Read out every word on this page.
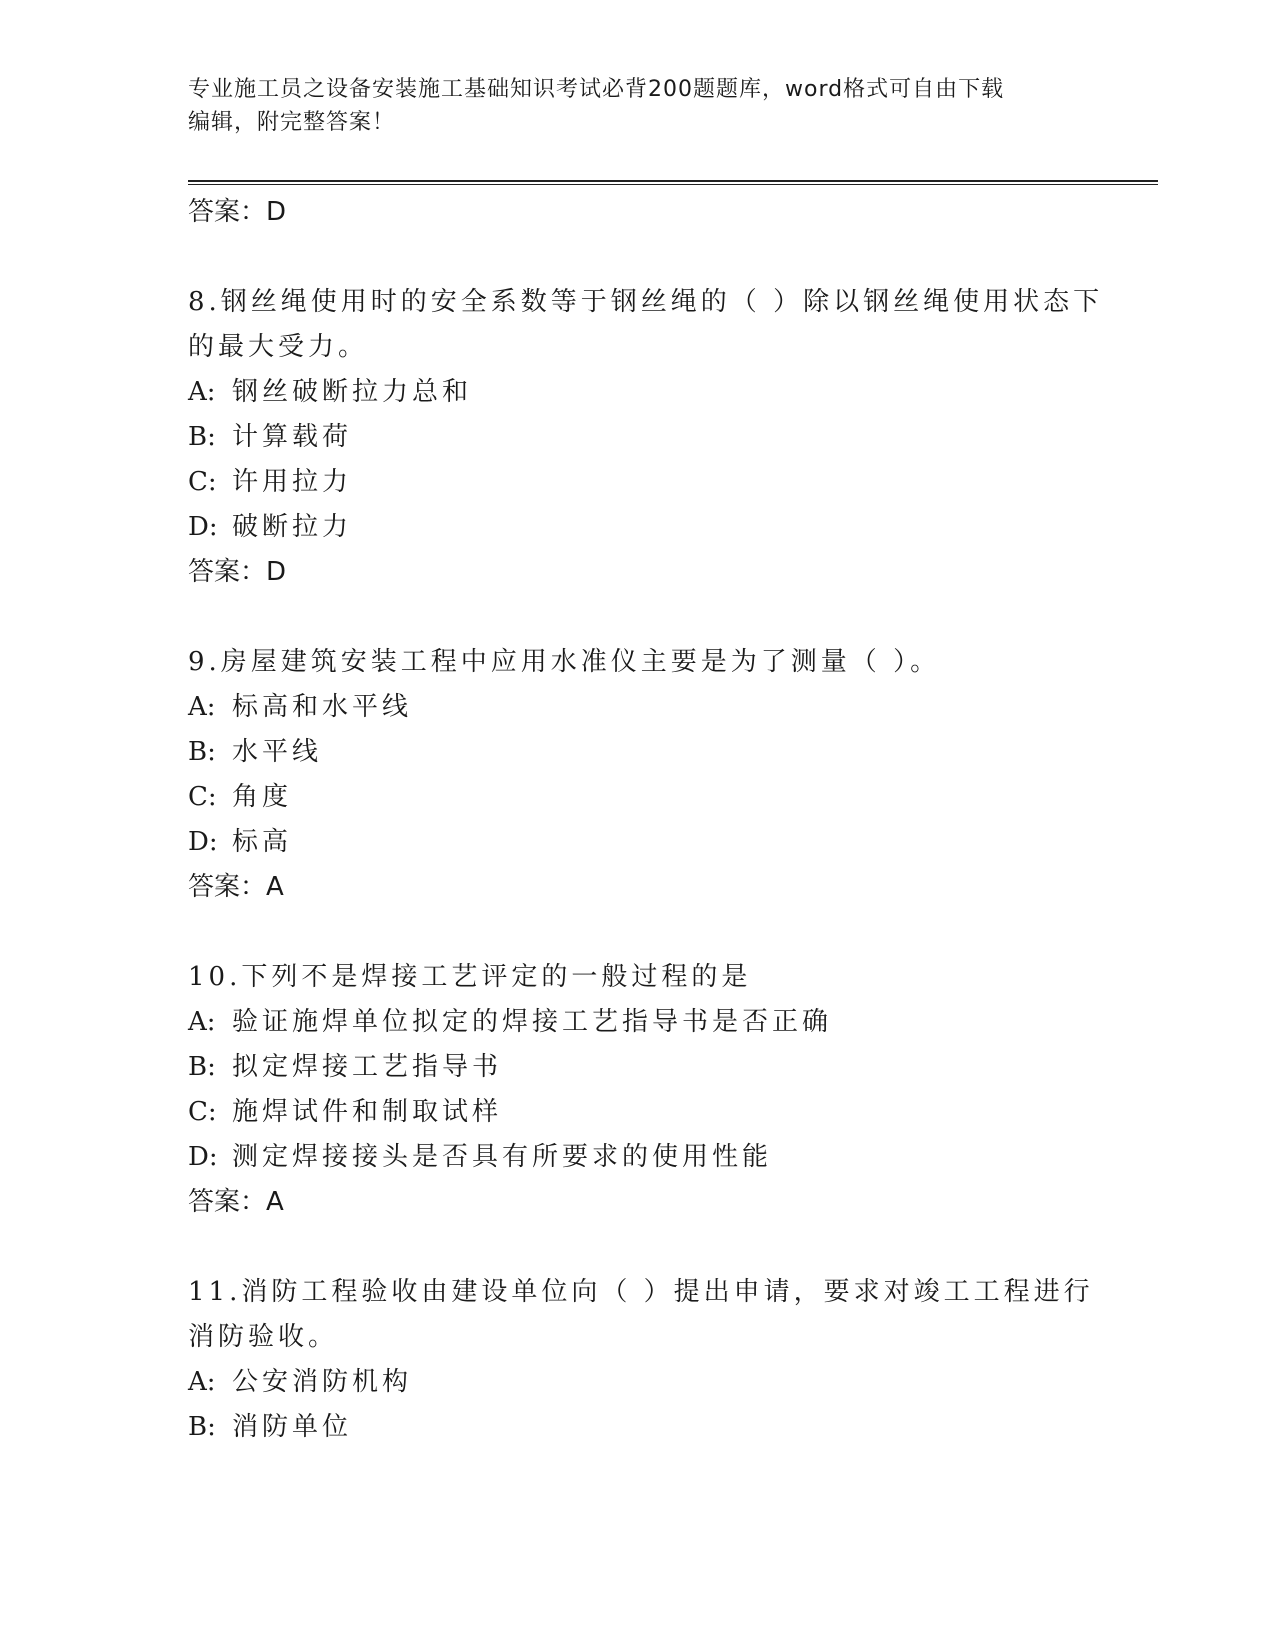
专业施工员之设备安装施工基础知识考试必背200题题库，word格式可自由下载
编辑，附完整答案！
答案：D
8.钢丝绳使用时的安全系数等于钢丝绳的（ ）除以钢丝绳使用状态下
的最大受力。
A: 钢丝破断拉力总和
B: 计算载荷
C: 许用拉力
D: 破断拉力
答案：D
9.房屋建筑安装工程中应用水准仪主要是为了测量（ ）。
A: 标高和水平线
B: 水平线
C: 角度
D: 标高
答案：A
10.下列不是焊接工艺评定的一般过程的是
A: 验证施焊单位拟定的焊接工艺指导书是否正确
B: 拟定焊接工艺指导书
C: 施焊试件和制取试样
D: 测定焊接接头是否具有所要求的使用性能
答案：A
11.消防工程验收由建设单位向（ ）提出申请，要求对竣工工程进行
消防验收。
A: 公安消防机构
B: 消防单位
